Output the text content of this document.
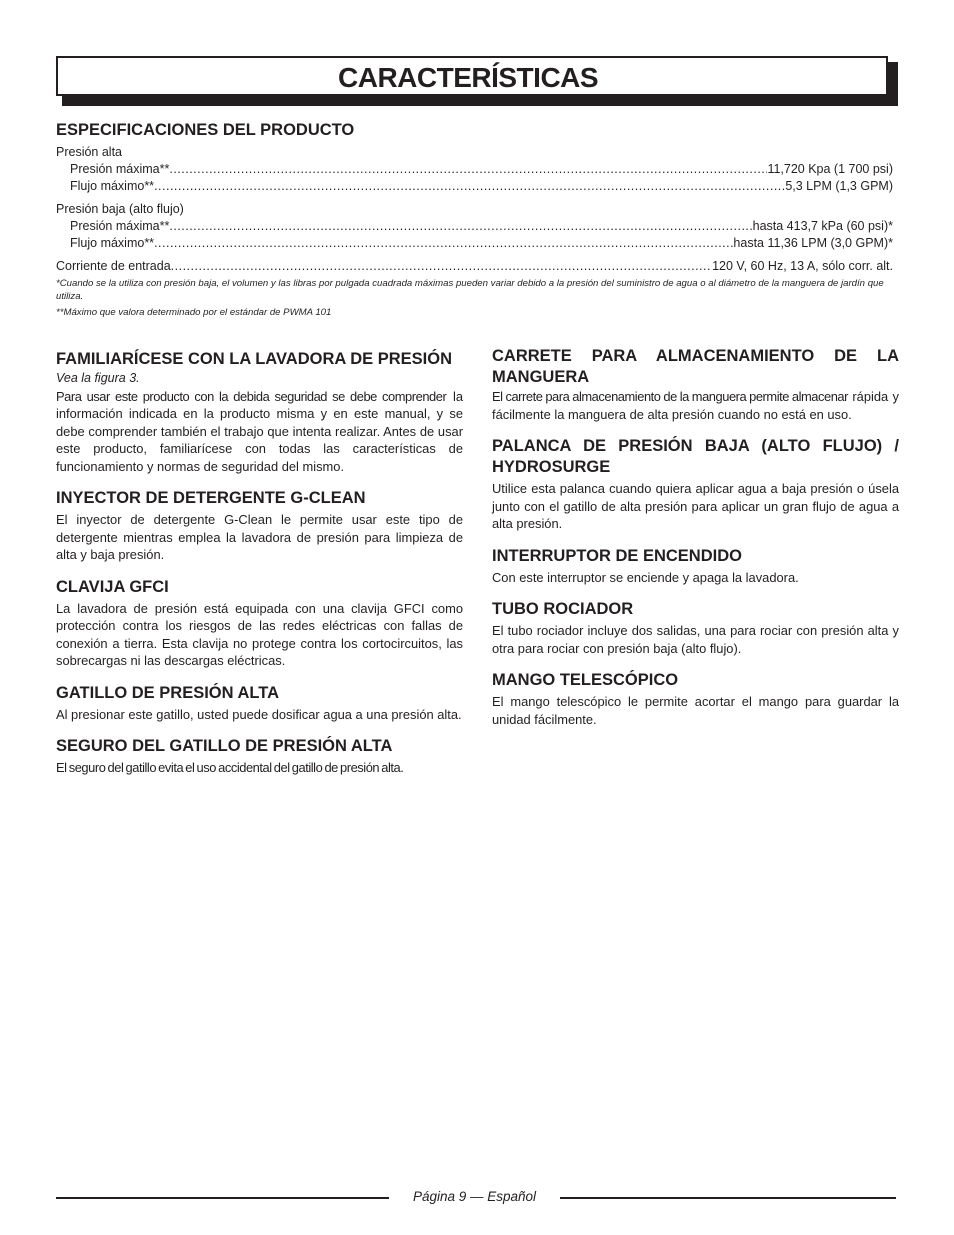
CARACTERÍSTICAS
ESPECIFICACIONES DEL PRODUCTO
Presión alta
Presión máxima** .....	11,720 Kpa (1 700 psi)
Flujo máximo** .....	5,3 LPM (1,3 GPM)
Presión baja (alto flujo)
Presión máxima** .....	hasta 413,7 kPa (60 psi)*
Flujo máximo** .....	hasta 11,36 LPM (3,0 GPM)*
Corriente de entrada .....	120 V, 60 Hz, 13 A, sólo corr. alt.
*Cuando se la utiliza con presión baja, el volumen y las libras por pulgada cuadrada máximas pueden variar debido a la presión del suministro de agua o al diámetro de la manguera de jardín que utiliza.
**Máximo que valora determinado por el estándar de PWMA 101
FAMILIARÍCESE CON LA LAVADORA DE PRESIÓN
Vea la figura 3.

Para usar este producto con la debida seguridad se debe comprender la información indicada en la producto misma y en este manual, y se debe comprender también el trabajo que intenta realizar. Antes de usar este producto, familiarícese con todas las características de funcionamiento y normas de seguridad del mismo.

INYECTOR DE DETERGENTE G-CLEAN

El inyector de detergente G-Clean le permite usar este tipo de detergente mientras emplea la lavadora de presión para limpieza de alta y baja presión.

CLAVIJA GFCI

La lavadora de presión está equipada con una clavija GFCI como protección contra los riesgos de las redes eléctricas con fallas de conexión a tierra. Esta clavija no protege contra los cortocircuitos, las sobrecargas ni las descargas eléctricas.

GATILLO DE PRESIÓN ALTA

Al presionar este gatillo, usted puede dosificar agua a una presión alta.

SEGURO DEL GATILLO DE PRESIÓN ALTA

El seguro del gatillo evita el uso accidental del gatillo de presión alta.

CARRETE PARA ALMACENAMIENTO DE LA MANGUERA

El carrete para almacenamiento de la manguera permite almacenar rápida y fácilmente la manguera de alta presión cuando no está en uso.

PALANCA DE PRESIÓN BAJA (ALTO FLUJO) / HYDROSURGE

Utilice esta palanca cuando quiera aplicar agua a baja presión o úsela junto con el gatillo de alta presión para aplicar un gran flujo de agua a alta presión.

INTERRUPTOR DE ENCENDIDO

Con este interruptor se enciende y apaga la lavadora.

TUBO ROCIADOR

El tubo rociador incluye dos salidas, una para rociar con presión alta y otra para rociar con presión baja (alto flujo).

MANGO TELESCÓPICO

El mango telescópico le permite acortar el mango para guardar la unidad fácilmente.

Página 9 — Español
